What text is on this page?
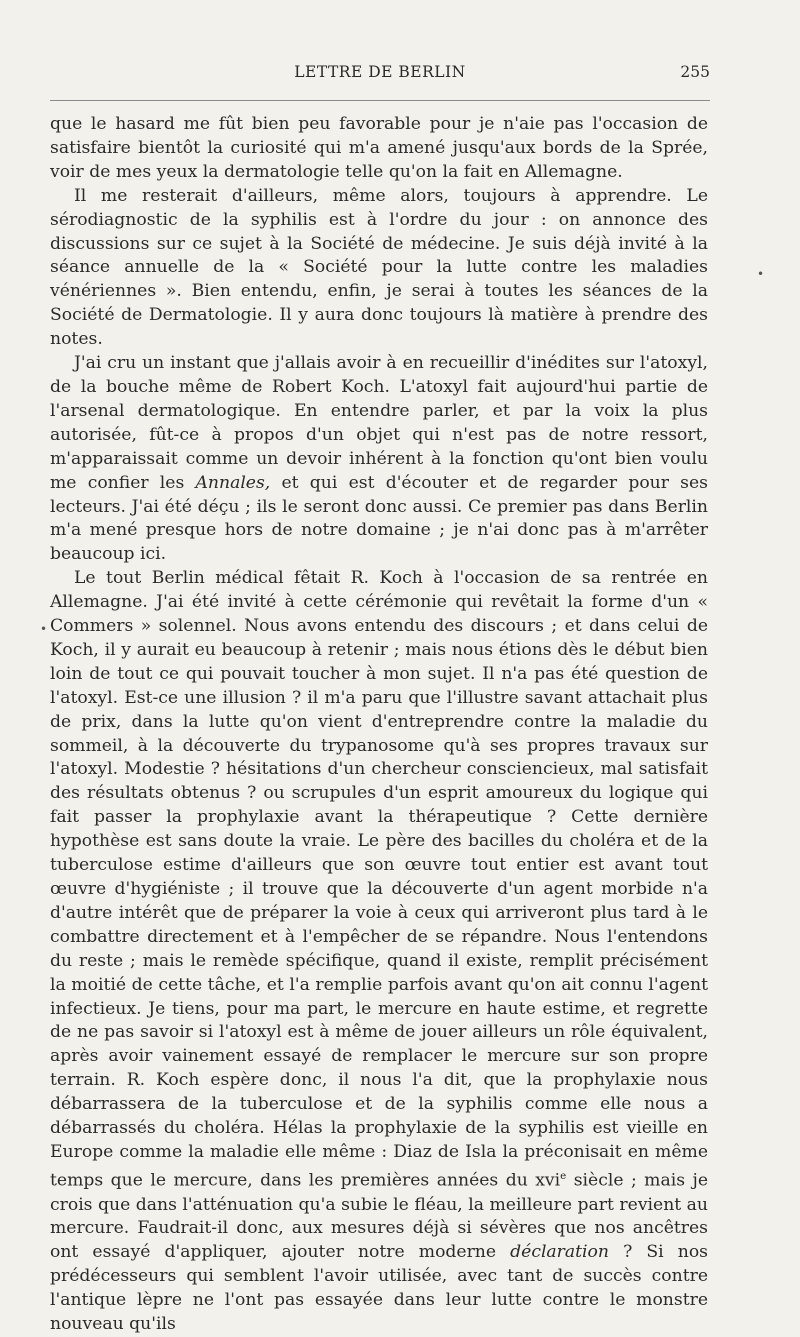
LETTRE DE BERLIN	255

que le hasard me fût bien peu favorable pour je n'aie pas l'occasion de satisfaire bientôt la curiosité qui m'a amené jusqu'aux bords de la Sprée, voir de mes yeux la dermatologie telle qu'on la fait en Allemagne.

Il me resterait d'ailleurs, même alors, toujours à apprendre. Le sérodiagnostic de la syphilis est à l'ordre du jour : on annonce des discussions sur ce sujet à la Société de médecine. Je suis déjà invité à la séance annuelle de la « Société pour la lutte contre les maladies vénériennes ». Bien entendu, enfin, je serai à toutes les séances de la Société de Dermatologie. Il y aura donc toujours là matière à prendre des notes.

J'ai cru un instant que j'allais avoir à en recueillir d'inédites sur l'atoxyl, de la bouche même de Robert Koch. L'atoxyl fait aujourd'hui partie de l'arsenal dermatologique. En entendre parler, et par la voix la plus autorisée, fût-ce à propos d'un objet qui n'est pas de notre ressort, m'apparaissait comme un devoir inhérent à la fonction qu'ont bien voulu me confier les Annales, et qui est d'écouter et de regarder pour ses lecteurs. J'ai été déçu ; ils le seront donc aussi. Ce premier pas dans Berlin m'a mené presque hors de notre domaine ; je n'ai donc pas à m'arrêter beaucoup ici.

Le tout Berlin médical fêtait R. Koch à l'occasion de sa rentrée en Allemagne. J'ai été invité à cette cérémonie qui revêtait la forme d'un « Commers » solennel. Nous avons entendu des discours ; et dans celui de Koch, il y aurait eu beaucoup à retenir ; mais nous étions dès le début bien loin de tout ce qui pouvait toucher à mon sujet. Il n'a pas été question de l'atoxyl. Est-ce une illusion ? il m'a paru que l'illustre savant attachait plus de prix, dans la lutte qu'on vient d'entreprendre contre la maladie du sommeil, à la découverte du trypanosome qu'à ses propres travaux sur l'atoxyl. Modestie ? hésitations d'un chercheur consciencieux, mal satisfait des résultats obtenus ? ou scrupules d'un esprit amoureux du logique qui fait passer la prophylaxie avant la thérapeutique ? Cette dernière hypothèse est sans doute la vraie. Le père des bacilles du choléra et de la tuberculose estime d'ailleurs que son œuvre tout entier est avant tout œuvre d'hygiéniste ; il trouve que la découverte d'un agent morbide n'a d'autre intérêt que de préparer la voie à ceux qui arriveront plus tard à le combattre directement et à l'empêcher de se répandre. Nous l'entendons du reste ; mais le remède spécifique, quand il existe, remplit précisément la moitié de cette tâche, et l'a remplie parfois avant qu'on ait connu l'agent infectieux. Je tiens, pour ma part, le mercure en haute estime, et regrette de ne pas savoir si l'atoxyl est à même de jouer ailleurs un rôle équivalent, après avoir vainement essayé de remplacer le mercure sur son propre terrain. R. Koch espère donc, il nous l'a dit, que la prophylaxie nous débarrassera de la tuberculose et de la syphilis comme elle nous a débarrassés du choléra. Hélas la prophylaxie de la syphilis est vieille en Europe comme la maladie elle même : Diaz de Isla la préconisait en même temps que le mercure, dans les premières années du xvi$^e$ siècle ; mais je crois que dans l'atténuation qu'a subie le fléau, la meilleure part revient au mercure. Faudrait-il donc, aux mesures déjà si sévères que nos ancêtres ont essayé d'appliquer, ajouter notre moderne déclaration ? Si nos prédécesseurs qui semblent l'avoir utilisée, avec tant de succès contre l'antique lèpre ne l'ont pas essayée dans leur lutte contre le monstre nouveau qu'ils

•
•
